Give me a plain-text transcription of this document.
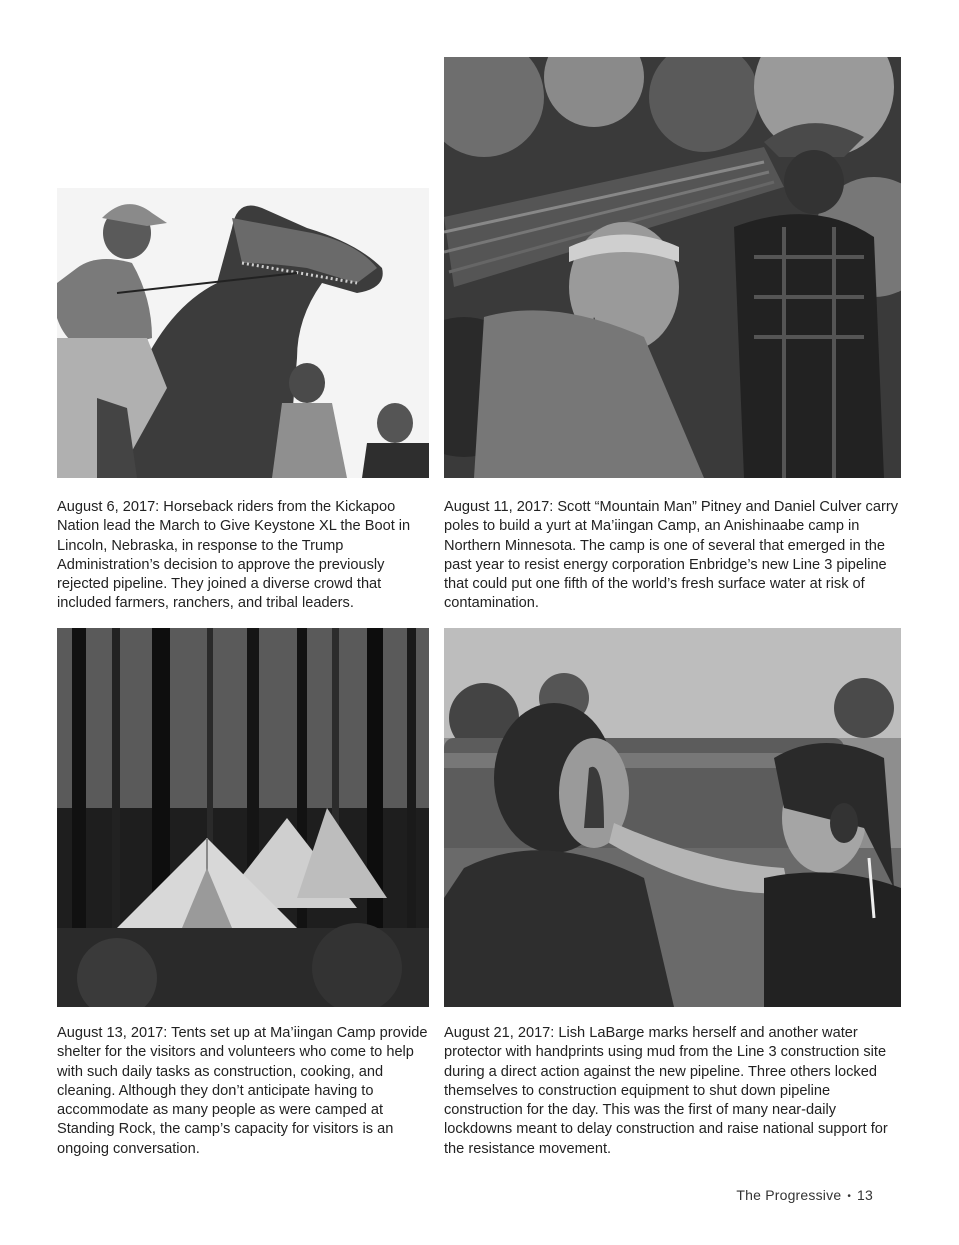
August 6, 2017: Horseback riders from the Kickapoo Nation lead the March to Give Keystone XL the Boot in Lincoln, Nebraska, in response to the Trump Administration’s decision to approve the previously rejected pipeline. They joined a diverse crowd that included farmers, ranchers, and tribal leaders.
August 11, 2017: Scott “Mountain Man” Pitney and Daniel Culver carry poles to build a yurt at Ma’iingan Camp, an Anishinaabe camp in Northern Minnesota. The camp is one of several that emerged in the past year to resist energy corporation Enbridge’s new Line 3 pipeline that could put one fifth of the world’s fresh surface water at risk of contamination.
August 13, 2017: Tents set up at Ma’iingan Camp provide shelter for the visitors and volunteers who come to help with such daily tasks as construction, cooking, and cleaning. Although they don’t anticipate having to accommodate as many people as were camped at Standing Rock, the camp’s capacity for visitors is an ongoing conversation.
August 21, 2017: Lish LaBarge marks herself and another water protector with handprints using mud from the Line 3 construction site during a direct action against the new pipeline. Three others locked themselves to construction equipment to shut down pipeline construction for the day. This was the first of many near-daily lockdowns meant to delay construction and raise national support for the resistance movement.
The Progressive • 13
